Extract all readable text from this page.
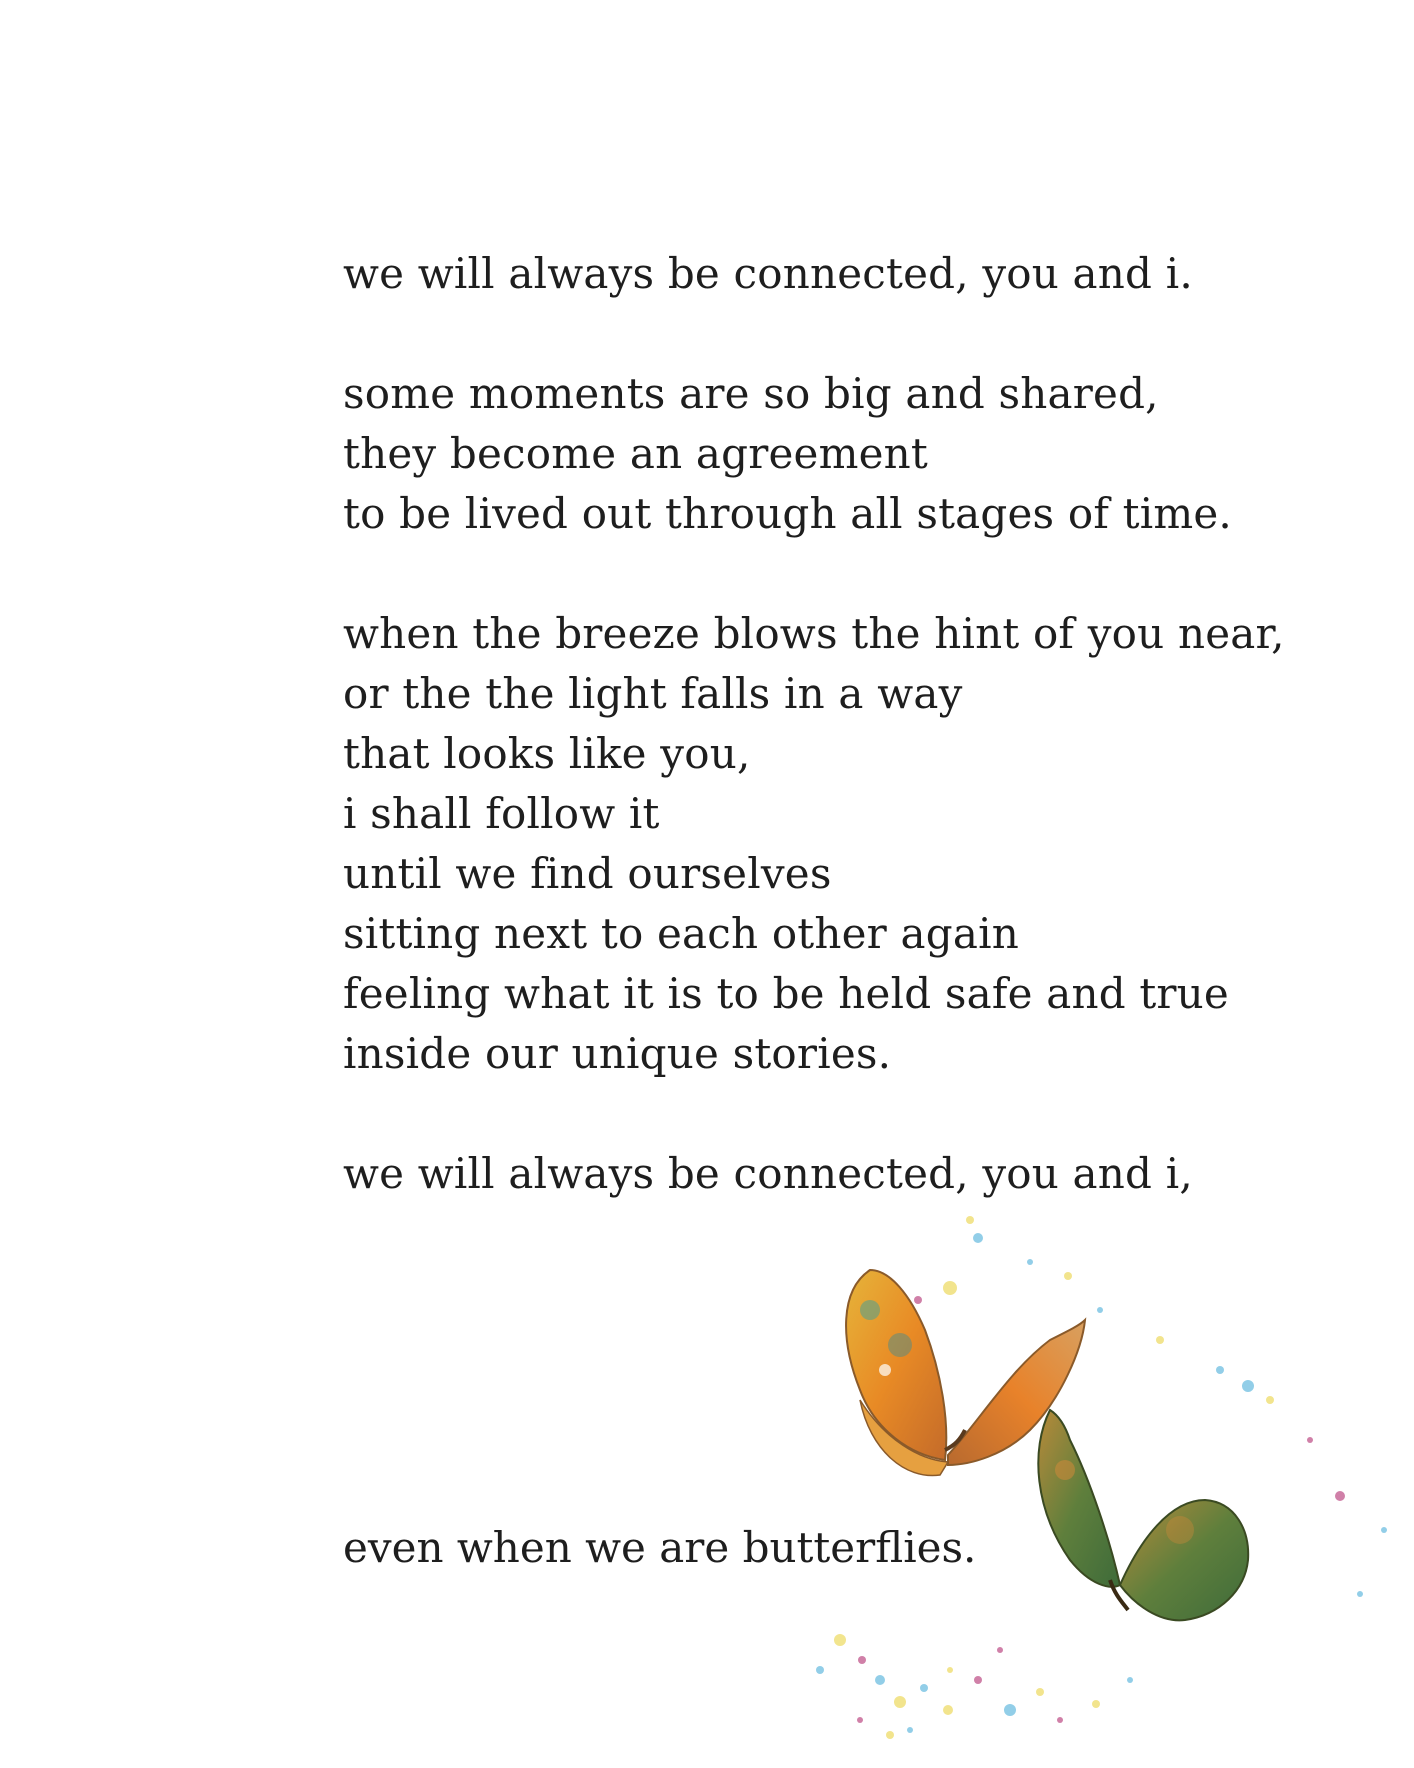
we will always be connected, you and i.
some moments are so big and shared,
they become an agreement
to be lived out through all stages of time.
when the breeze blows the hint of you near,
or the the light falls in a way
that looks like you,
i shall follow it
until we find ourselves
sitting next to each other again
feeling what it is to be held safe and true
inside our unique stories.
we will always be connected, you and i,
even when we are butterflies.
